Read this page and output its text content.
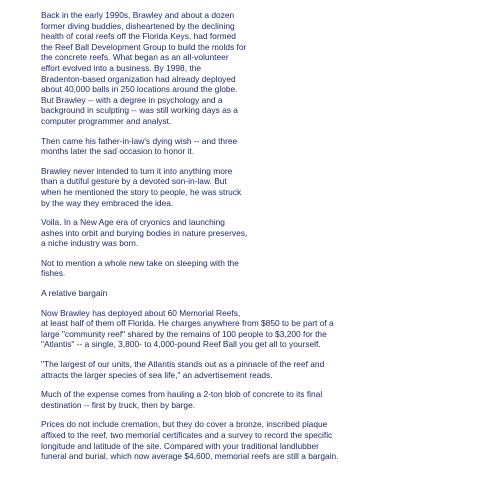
Back in the early 1990s, Brawley and about a dozen
former diving buddies, disheartened by the declining
health of coral reefs off the Florida Keys, had formed
the Reef Ball Development Group to build the molds for
the concrete reefs. What began as an all-volunteer
effort evolved into a business. By 1998, the
Bradenton-based organization had already deployed
about 40,000 balls in 250 locations around the globe.
But Brawley -- with a degree in psychology and a
background in sculpting -- was still working days as a
computer programmer and analyst.

Then came his father-in-law's dying wish -- and three
months later the sad occasion to honor it.

Brawley never intended to turn it into anything more
than a dutiful gesture by a devoted son-in-law. But
when he mentioned the story to people, he was struck
by the way they embraced the idea.

Voila. In a New Age era of cryonics and launching
ashes into orbit and burying bodies in nature preserves,
a niche industry was born.

Not to mention a whole new take on sleeping with the
fishes.

A relative bargain

Now Brawley has deployed about 60 Memorial Reefs,
at least half of them off Florida. He charges anywhere from $850 to be part of a
large "community reef" shared by the remains of 100 people to $3,200 for the
"Atlantis" -- a single, 3,800- to 4,000-pound Reef Ball you get all to yourself.

"The largest of our units, the Atlantis stands out as a pinnacle of the reef and
attracts the larger species of sea life," an advertisement reads.

Much of the expense comes from hauling a 2-ton blob of concrete to its final
destination -- first by truck, then by barge.

Prices do not include cremation, but they do cover a bronze, inscribed plaque
affixed to the reef, two memorial certificates and a survey to record the specific
longitude and latitude of the site. Compared with your traditional landlubber
funeral and burial, which now average $4,600, memorial reefs are still a bargain.
